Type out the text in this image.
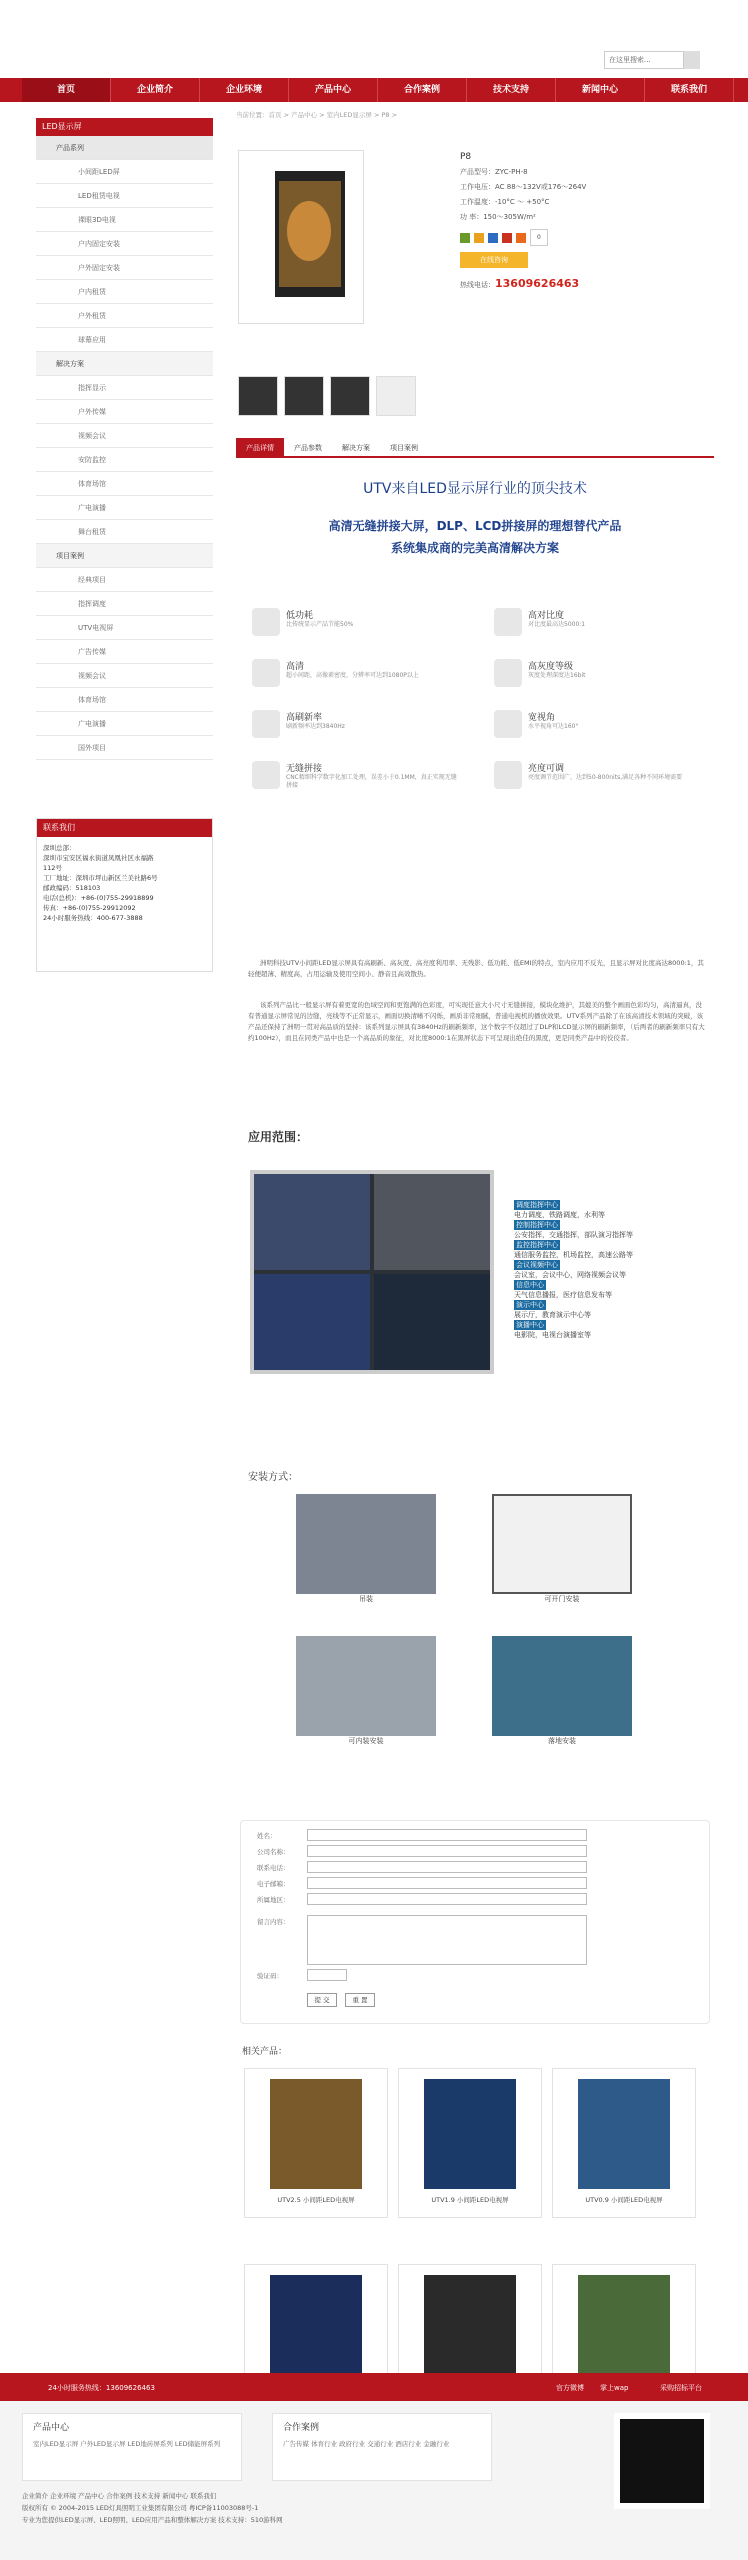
在这里搜索...
首页	企业简介	企业环境	产品中心	合作案例	技术支持	新闻中心	联系我们
LED显示屏
产品系列
小间距LED屏
LED租赁电视
裸眼3D电视
户内固定安装
户外固定安装
户内租赁
户外租赁
球幕应用
解决方案
指挥显示
户外传媒
视频会议
安防监控
体育场馆
广电演播
舞台租赁
项目案例
经典项目
指挥调度
UTV电视屏
广告传媒
视频会议
体育场馆
广电演播
国外项目
联系我们
深圳总部：
深圳市宝安区福永街道凤凰社区永福路
112号
工厂地址：深圳市坪山新区兰美社路6号
邮政编码：518103
电话(总机)：+86-(0)755-29918899
传真：+86-(0)755-29912092
24小时服务热线：400-677-3888
当前位置：首页 > 产品中心 > 室内LED显示屏 > P8 >
P8
产品型号：ZYC-PH-8
工作电压：AC 88～132V或176～264V
工作温度：-10°C ～ +50°C
功 率：150～305W/m²
0
在线咨询
热线电话：13609626463
产品详情	产品参数	解决方案	项目案例
UTV来自LED显示屏行业的顶尖技术
高清无缝拼接大屏，DLP、LCD拼接屏的理想替代产品
系统集成商的完美高清解决方案
低功耗
比传统显示产品节能50%
高对比度
对比度最高达5000:1
高清
超小间距，高像素密度，分辨率可达到1080P以上
高灰度等级
灰度处理深度达16bit
高刷新率
刷新频率达到3840Hz
宽视角
水平视角可达160°
无缝拼接
CNC精细科学数字化加工处理，误差小于0.1MM，真正实现无缝拼接
亮度可调
亮度调节范围广，达到50-800nits,满足各种不同环境需要
洲明科技UTV小间距LED显示屏具有高刷新、高灰度、高亮度利用率、无残影、低功耗、低EMI的特点，室内应用不反光，且显示屏对比度高达8000:1，其轻便超薄、精度高，占用运输及使用空间小、静音且高效散热。
该系列产品比一般显示屏有着更宽的色域空间和更饱满的色彩度，可实现任意大小尺寸无缝拼接，模块化维护，其媲美的整个画面色彩均匀，高清逼真，没有普通显示屏常见的边缝，亮线等不正常显示，画面切换清晰不闪烁，画质非常细腻，普通电视机的播放效果。UTV系列产品除了在该高清技术领域的突破，该产品还保持了洲明一贯对高品质的坚持：该系列显示屏具有3840Hz的刷新频率，这个数字不仅超过了DLP和LCD显示屏的刷新频率，（后两者的刷新频率只有大约100Hz），而且在同类产品中也是一个高品质的象征，对比度8000:1在黑屏状态下可呈现出绝佳的黑度，更是同类产品中的佼佼者。
应用范围：
调度指挥中心
电力调度，铁路调度，水利等
控制指挥中心
公安指挥，交通指挥，部队演习指挥等
监控指挥中心
通信服务监控，机场监控，高速公路等
会议视频中心
会议室，会议中心，网络视频会议等
信息中心
天气信息播报，医疗信息发布等
演示中心
展示厅，教育演示中心等
演播中心
电影院，电视台演播室等
安装方式：
吊装	可开门安装
可内装安装	落地安装
姓名：
公司名称：
联系电话：
电子邮箱：
所属地区：
留言内容：
验证码：
提 交	重 置
相关产品：
UTV2.5 小间距LED电视屏	UTV1.9 小间距LED电视屏	UTV0.9 小间距LED电视屏
24小时服务热线：13609626463	官方微博 掌上wap	采购招标平台
产品中心
室内LED显示屏 户外LED显示屏 LED地砖屏系列 LED储能屏系列
合作案例
广告传媒 体育行业 政府行业 交通行业 酒店行业 金融行业
企业简介 企业环境 产品中心 合作案例 技术支持 新闻中心 联系我们
版权所有 © 2004-2015 LED灯具照明工业集团有限公司 粤ICP备11003088号-1
专业为您提供LED显示屏、LED照明、LED应用产品和整体解决方案 技术支持：510游科网
